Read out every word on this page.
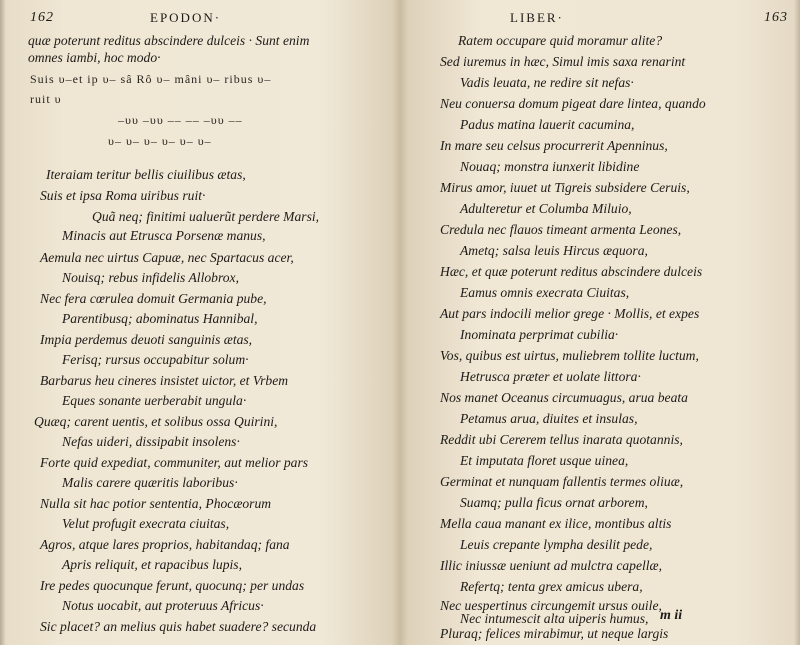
162	EPODON·
quæ poterunt reditus abscindere dulceis · Sunt enim
omnes iambi, hoc modo·
Suis υ–et ip υ– sâ Rô υ– mâni υ– ribus υ–
ruit υ
–υυ –υυ –– –– –υυ ––
υ– υ– υ– υ– υ– υ–
Iteraiam teritur bellis ciuilibus ætas,
Suis et ipsa Roma uiribus ruit·
Quã neq; finitimi ualuerũt perdere Marsi,
Minacis aut Etrusca Porsenæ manus,
Aemula nec uirtus Capuæ, nec Spartacus acer,
Nouisq; rebus infidelis Allobrox,
Nec fera cœrulea domuit Germania pube,
Parentibusq; abominatus Hannibal,
Impia perdemus deuoti sanguinis ætas,
Ferisq; rursus occupabitur solum·
Barbarus heu cineres insistet uictor, et Vrbem
Eques sonante uerberabit ungula·
Quæq; carent uentis, et solibus ossa Quirini,
Nefas uideri, dissipabit insolens·
Forte quid expediat, communiter, aut melior pars
Malis carere quæritis laboribus·
Nulla sit hac potior sententia, Phocæorum
Velut profugit execrata ciuitas,
Agros, atque lares proprios, habitandaq; fana
Apris reliquit, et rapacibus lupis,
Ire pedes quocunque ferunt, quocunq; per undas
Notus uocabit, aut proteruus Africus·
Sic placet? an melius quis habet suadere? secunda
LIBER·	163
Ratem occupare quid moramur alite?
Sed iuremus in hæc, Simul imis saxa renarint
Vadis leuata, ne redire sit nefas·
Neu conuersa domum pigeat dare lintea, quando
Padus matina lauerit cacumina,
In mare seu celsus procurrerit Apenninus,
Nouaq; monstra iunxerit libidine
Mirus amor, iuuet ut Tigreis subsidere Ceruis,
Adulteretur et Columba Miluio,
Credula nec flauos timeant armenta Leones,
Ametq; salsa leuis Hircus æquora,
Hæc, et quæ poterunt reditus abscindere dulceis
Eamus omnis execrata Ciuitas,
Aut pars indocili melior grege · Mollis, et expes
Inominata perprimat cubilia·
Vos, quibus est uirtus, muliebrem tollite luctum,
Hetrusca præter et uolate littora·
Nos manet Oceanus circumuagus, arua beata
Petamus arua, diuites et insulas,
Reddit ubi Cererem tellus inarata quotannis,
Et imputata floret usque uinea,
Germinat et nunquam fallentis termes oliuæ,
Suamq; pulla ficus ornat arborem,
Mella caua manant ex ilice, montibus altis
Leuis crepante lympha desilit pede,
Illic iniussæ ueniunt ad mulctra capellæ,
Refertq; tenta grex amicus ubera,
Nec uespertinus circungemit ursus ouile,
Nec intumescit alta uiperis humus,
Pluraq; felices mirabimur, ut neque largis
m ii
